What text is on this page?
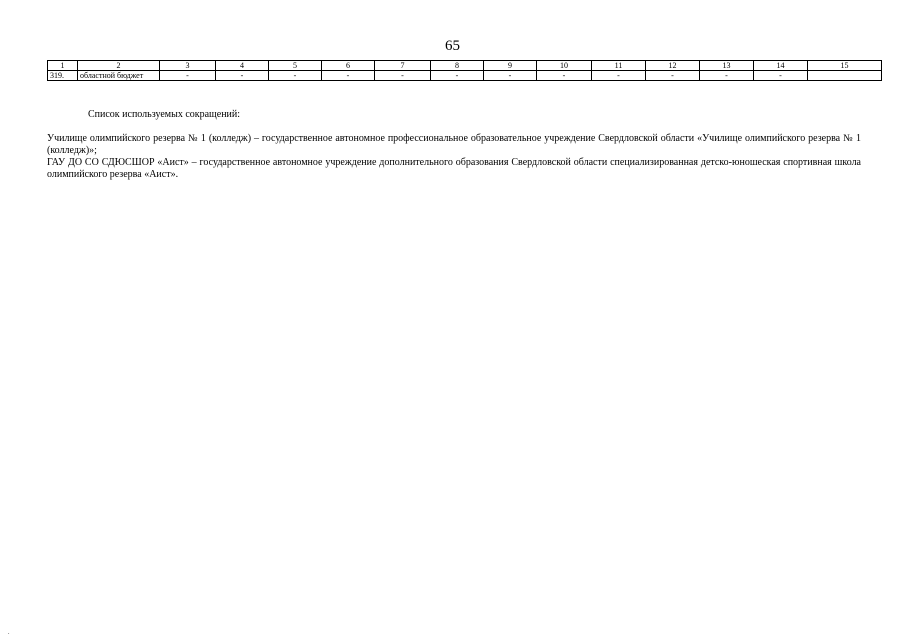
65
1	2	3	4	5	6	7	8	9	10	11	12	13	14	15
319.	областной бюджет	-	-	-	-	-	-	-	-	-	-	-	-	
Список используемых сокращений:

Училище олимпийского резерва № 1 (колледж) – государственное автономное профессиональное образовательное учреждение Свердловской области «Училище олимпийского резерва № 1 (колледж)»;

ГАУ ДО СО СДЮСШОР «Аист» – государственное автономное учреждение дополнительного образования Свердловской области специализированная детско-юношеская спортивная школа олимпийского резерва «Аист».

.
